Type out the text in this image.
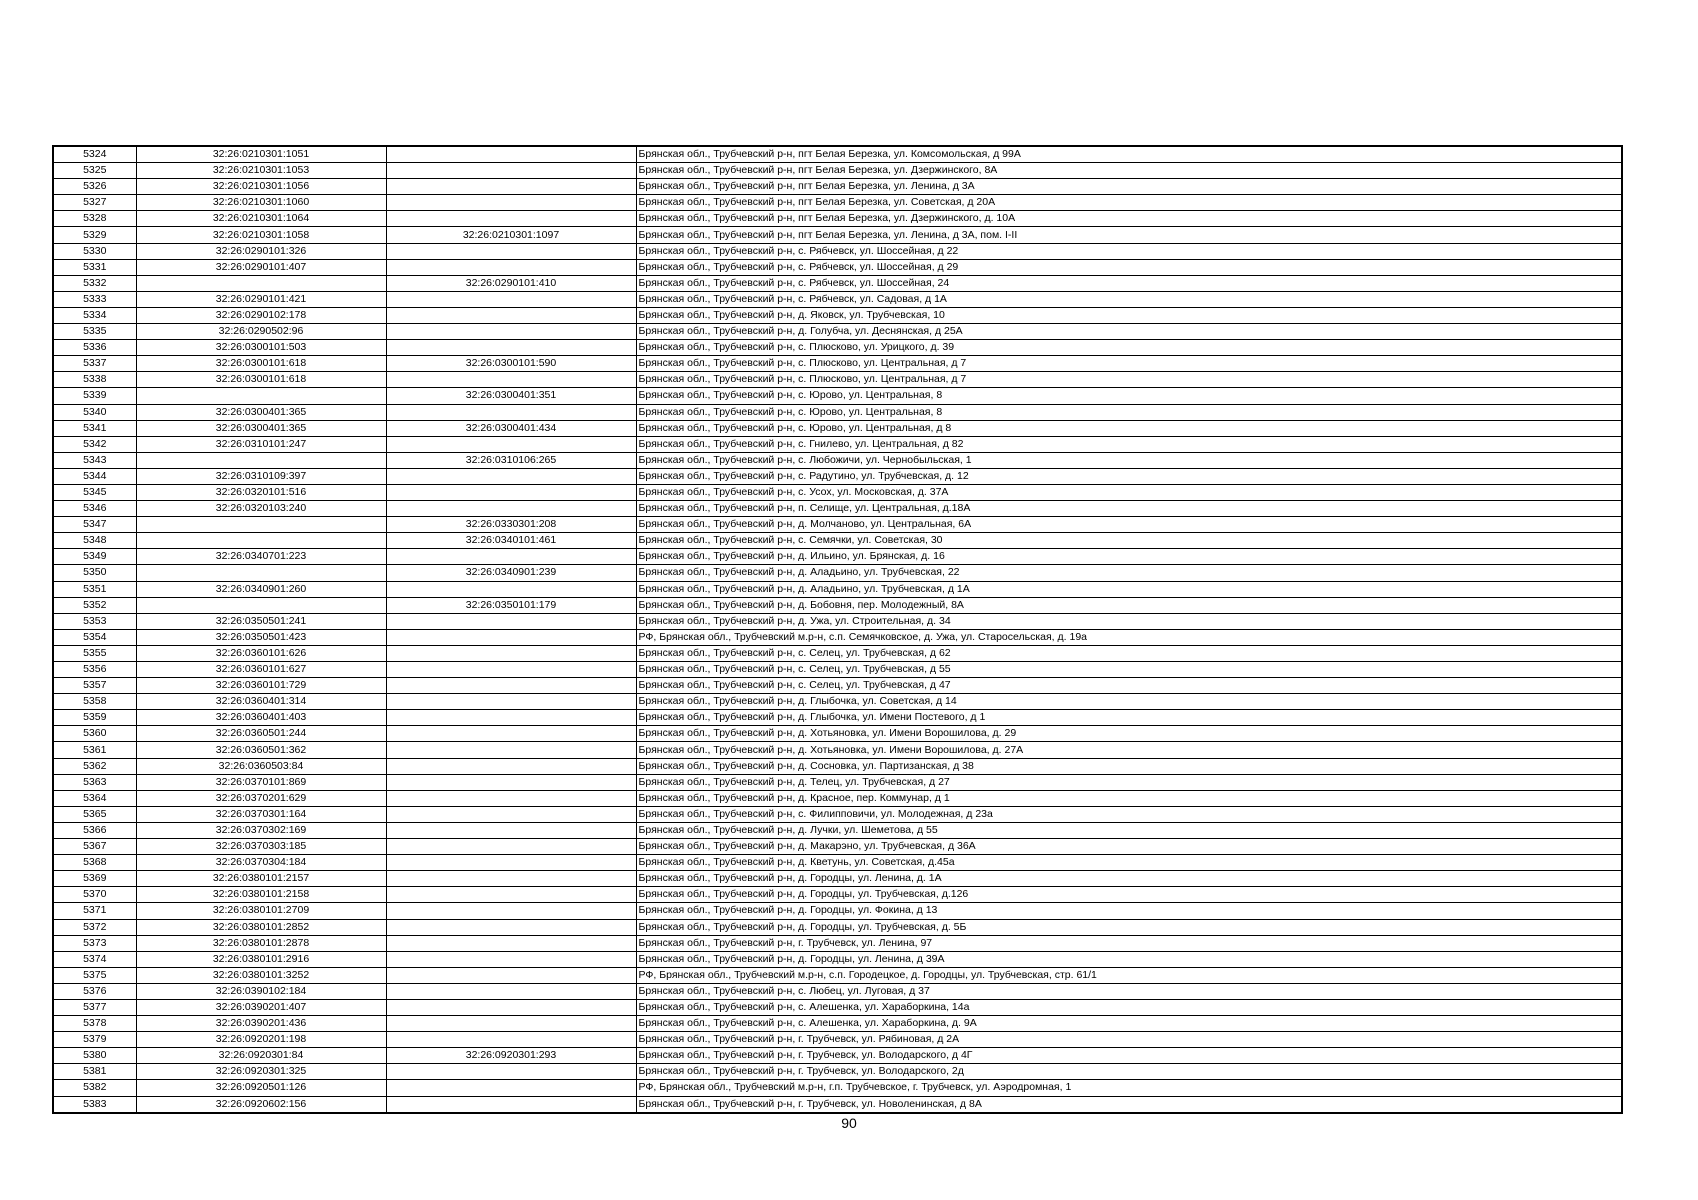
5324	32:26:0210301:1051		Брянская обл., Трубчевский р-н, пгт Белая Березка, ул. Комсомольская, д 99А
5325	32:26:0210301:1053		Брянская обл., Трубчевский р-н, пгт Белая Березка, ул. Дзержинского, 8А
5326	32:26:0210301:1056		Брянская обл., Трубчевский р-н, пгт Белая Березка, ул. Ленина, д 3А
5327	32:26:0210301:1060		Брянская обл., Трубчевский р-н, пгт Белая Березка, ул. Советская, д 20А
5328	32:26:0210301:1064		Брянская обл., Трубчевский р-н, пгт Белая Березка, ул. Дзержинского, д. 10А
5329	32:26:0210301:1058	32:26:0210301:1097	Брянская обл., Трубчевский р-н, пгт Белая Березка, ул. Ленина, д 3А, пом. I-II
5330	32:26:0290101:326		Брянская обл., Трубчевский р-н, с. Рябчевск, ул. Шоссейная, д 22
5331	32:26:0290101:407		Брянская обл., Трубчевский р-н, с. Рябчевск, ул. Шоссейная, д 29
5332		32:26:0290101:410	Брянская обл., Трубчевский р-н, с. Рябчевск, ул. Шоссейная, 24
5333	32:26:0290101:421		Брянская обл., Трубчевский р-н, с. Рябчевск, ул. Садовая, д 1А
5334	32:26:0290102:178		Брянская обл., Трубчевский р-н, д. Яковск, ул. Трубчевская, 10
5335	32:26:0290502:96		Брянская обл., Трубчевский р-н, д. Голубча, ул. Деснянская, д 25А
5336	32:26:0300101:503		Брянская обл., Трубчевский р-н, с. Плюсково, ул. Урицкого, д. 39
5337	32:26:0300101:618	32:26:0300101:590	Брянская обл., Трубчевский р-н, с. Плюсково, ул. Центральная, д 7
5338	32:26:0300101:618		Брянская обл., Трубчевский р-н, с. Плюсково, ул. Центральная, д 7
5339		32:26:0300401:351	Брянская обл., Трубчевский р-н, с. Юрово, ул. Центральная, 8
5340	32:26:0300401:365		Брянская обл., Трубчевский р-н, с. Юрово, ул. Центральная, 8
5341	32:26:0300401:365	32:26:0300401:434	Брянская обл., Трубчевский р-н, с. Юрово, ул. Центральная, д 8
5342	32:26:0310101:247		Брянская обл., Трубчевский р-н, с. Гнилево, ул. Центральная, д 82
5343		32:26:0310106:265	Брянская обл., Трубчевский р-н, с. Любожичи, ул. Чернобыльская, 1
5344	32:26:0310109:397		Брянская обл., Трубчевский р-н, с. Радутино, ул. Трубчевская, д. 12
5345	32:26:0320101:516		Брянская обл., Трубчевский р-н, с. Усох, ул. Московская, д. 37А
5346	32:26:0320103:240		Брянская обл., Трубчевский р-н, п. Селище, ул. Центральная, д.18А
5347		32:26:0330301:208	Брянская обл., Трубчевский р-н, д. Молчаново, ул. Центральная, 6А
5348		32:26:0340101:461	Брянская обл., Трубчевский р-н, с. Семячки, ул. Советская, 30
5349	32:26:0340701:223		Брянская обл., Трубчевский р-н, д. Ильино, ул. Брянская, д. 16
5350		32:26:0340901:239	Брянская обл., Трубчевский р-н, д. Аладьино, ул. Трубчевская, 22
5351	32:26:0340901:260		Брянская обл., Трубчевский р-н, д. Аладьино, ул. Трубчевская, д 1А
5352		32:26:0350101:179	Брянская обл., Трубчевский р-н, д. Бобовня, пер. Молодежный, 8А
5353	32:26:0350501:241		Брянская обл., Трубчевский р-н, д. Ужа, ул. Строительная, д. 34
5354	32:26:0350501:423		РФ, Брянская обл., Трубчевский м.р-н, с.п. Семячковское, д. Ужа, ул. Старосельская, д. 19а
5355	32:26:0360101:626		Брянская обл., Трубчевский р-н, с. Селец, ул. Трубчевская, д 62
5356	32:26:0360101:627		Брянская обл., Трубчевский р-н, с. Селец, ул. Трубчевская, д 55
5357	32:26:0360101:729		Брянская обл., Трубчевский р-н, с. Селец, ул. Трубчевская, д 47
5358	32:26:0360401:314		Брянская обл., Трубчевский р-н, д. Глыбочка, ул. Советская, д 14
5359	32:26:0360401:403		Брянская обл., Трубчевский р-н, д. Глыбочка, ул. Имени Постевого, д 1
5360	32:26:0360501:244		Брянская обл., Трубчевский р-н, д. Хотьяновка, ул. Имени Ворошилова, д. 29
5361	32:26:0360501:362		Брянская обл., Трубчевский р-н, д. Хотьяновка, ул. Имени Ворошилова, д. 27А
5362	32:26:0360503:84		Брянская обл., Трубчевский р-н, д. Сосновка, ул. Партизанская, д 38
5363	32:26:0370101:869		Брянская обл., Трубчевский р-н, д. Телец, ул. Трубчевская, д 27
5364	32:26:0370201:629		Брянская обл., Трубчевский р-н, д. Красное, пер. Коммунар, д 1
5365	32:26:0370301:164		Брянская обл., Трубчевский р-н, с. Филипповичи, ул. Молодежная, д 23а
5366	32:26:0370302:169		Брянская обл., Трубчевский р-н, д. Лучки, ул. Шеметова, д 55
5367	32:26:0370303:185		Брянская обл., Трубчевский р-н, д. Макарэно, ул. Трубчевская, д 36А
5368	32:26:0370304:184		Брянская обл., Трубчевский р-н, д. Кветунь, ул. Советская, д.45а
5369	32:26:0380101:2157		Брянская обл., Трубчевский р-н, д. Городцы, ул. Ленина, д. 1А
5370	32:26:0380101:2158		Брянская обл., Трубчевский р-н, д. Городцы, ул. Трубчевская, д.126
5371	32:26:0380101:2709		Брянская обл., Трубчевский р-н, д. Городцы, ул. Фокина, д 13
5372	32:26:0380101:2852		Брянская обл., Трубчевский р-н, д. Городцы, ул. Трубчевская, д. 5Б
5373	32:26:0380101:2878		Брянская обл., Трубчевский р-н, г. Трубчевск, ул. Ленина, 97
5374	32:26:0380101:2916		Брянская обл., Трубчевский р-н, д. Городцы, ул. Ленина, д 39А
5375	32:26:0380101:3252		РФ, Брянская обл., Трубчевский м.р-н, с.п. Городецкое, д. Городцы, ул. Трубчевская, стр. 61/1
5376	32:26:0390102:184		Брянская обл., Трубчевский р-н, с. Любец, ул. Луговая, д 37
5377	32:26:0390201:407		Брянская обл., Трубчевский р-н, с. Алешенка, ул. Хараборкина, 14а
5378	32:26:0390201:436		Брянская обл., Трубчевский р-н, с. Алешенка, ул. Хараборкина, д. 9А
5379	32:26:0920201:198		Брянская обл., Трубчевский р-н, г. Трубчевск, ул. Рябиновая, д 2А
5380	32:26:0920301:84	32:26:0920301:293	Брянская обл., Трубчевский р-н, г. Трубчевск, ул. Володарского, д 4Г
5381	32:26:0920301:325		Брянская обл., Трубчевский р-н, г. Трубчевск, ул. Володарского, 2д
5382	32:26:0920501:126		РФ, Брянская обл., Трубчевский м.р-н, г.п. Трубчевское, г. Трубчевск, ул. Аэродромная, 1
5383	32:26:0920602:156		Брянская обл., Трубчевский р-н, г. Трубчевск, ул. Новоленинская, д 8А
90
